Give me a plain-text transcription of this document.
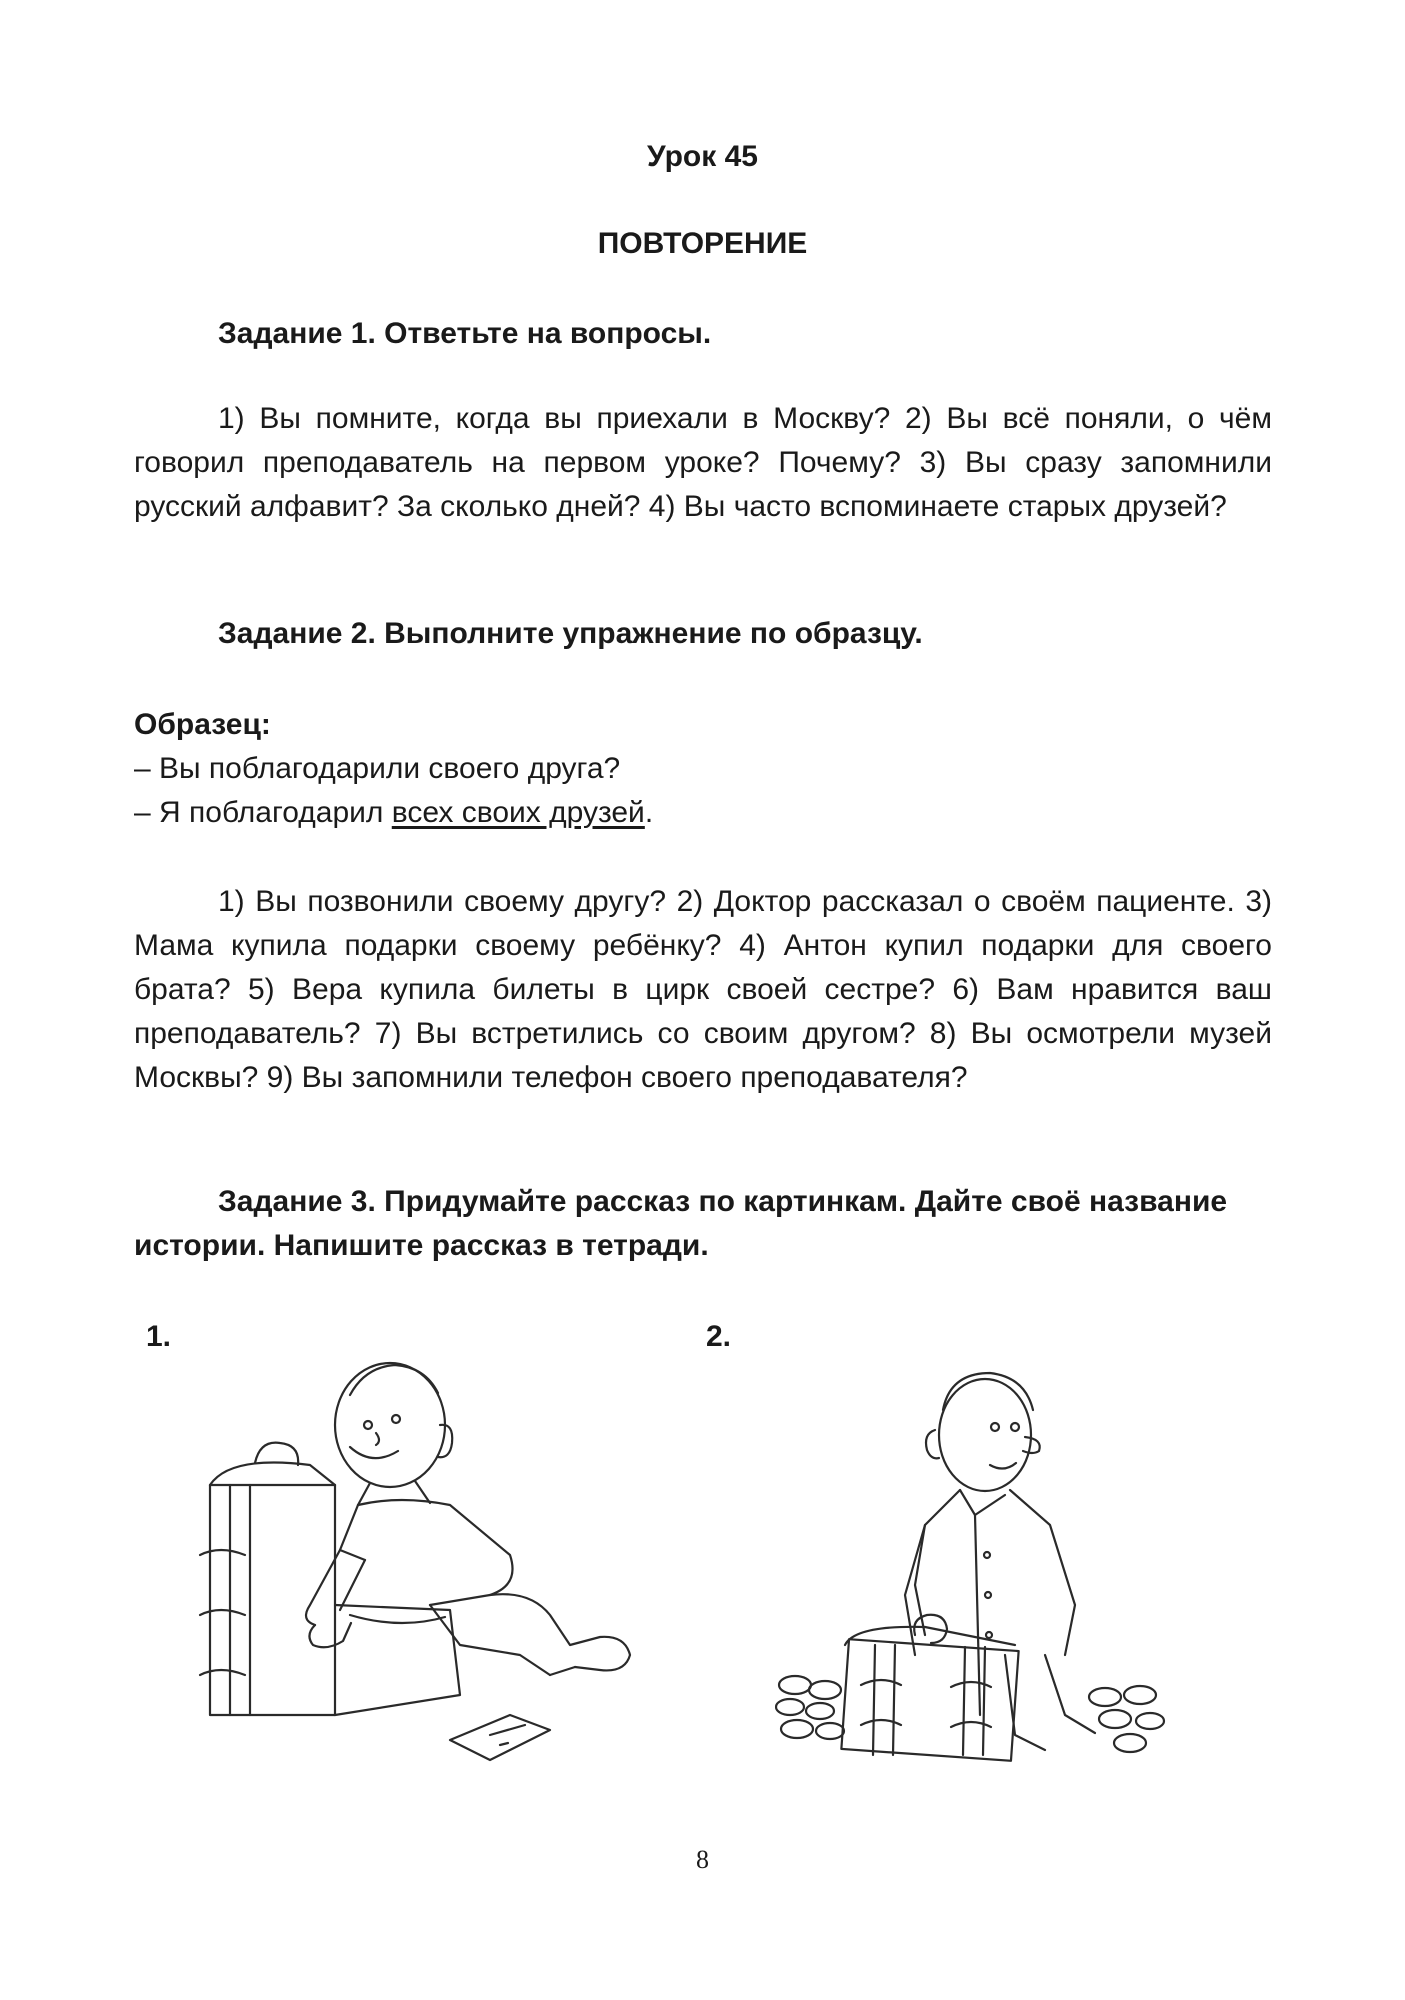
Урок 45
ПОВТОРЕНИЕ
Задание 1. Ответьте на вопросы.
1) Вы помните, когда вы приехали в Москву? 2) Вы всё поняли, о чём говорил преподаватель на первом уроке? Почему? 3) Вы сразу запомнили русский алфавит? За сколько дней? 4) Вы часто вспоминаете старых друзей?
Задание 2. Выполните упражнение по образцу.
Образец:
– Вы поблагодарили своего друга?
– Я поблагодарил всех своих друзей.
1) Вы позвонили своему другу? 2) Доктор рассказал о своём пациенте. 3) Мама купила подарки своему ребёнку? 4) Антон купил подарки для своего брата? 5) Вера купила билеты в цирк своей сестре? 6) Вам нравится ваш преподаватель? 7) Вы встретились со своим другом? 8) Вы осмотрели музей Москвы? 9) Вы запомнили телефон своего преподавателя?
Задание 3. Придумайте рассказ по картинкам. Дайте своё название истории. Напишите рассказ в тетради.
1.	2.
8
